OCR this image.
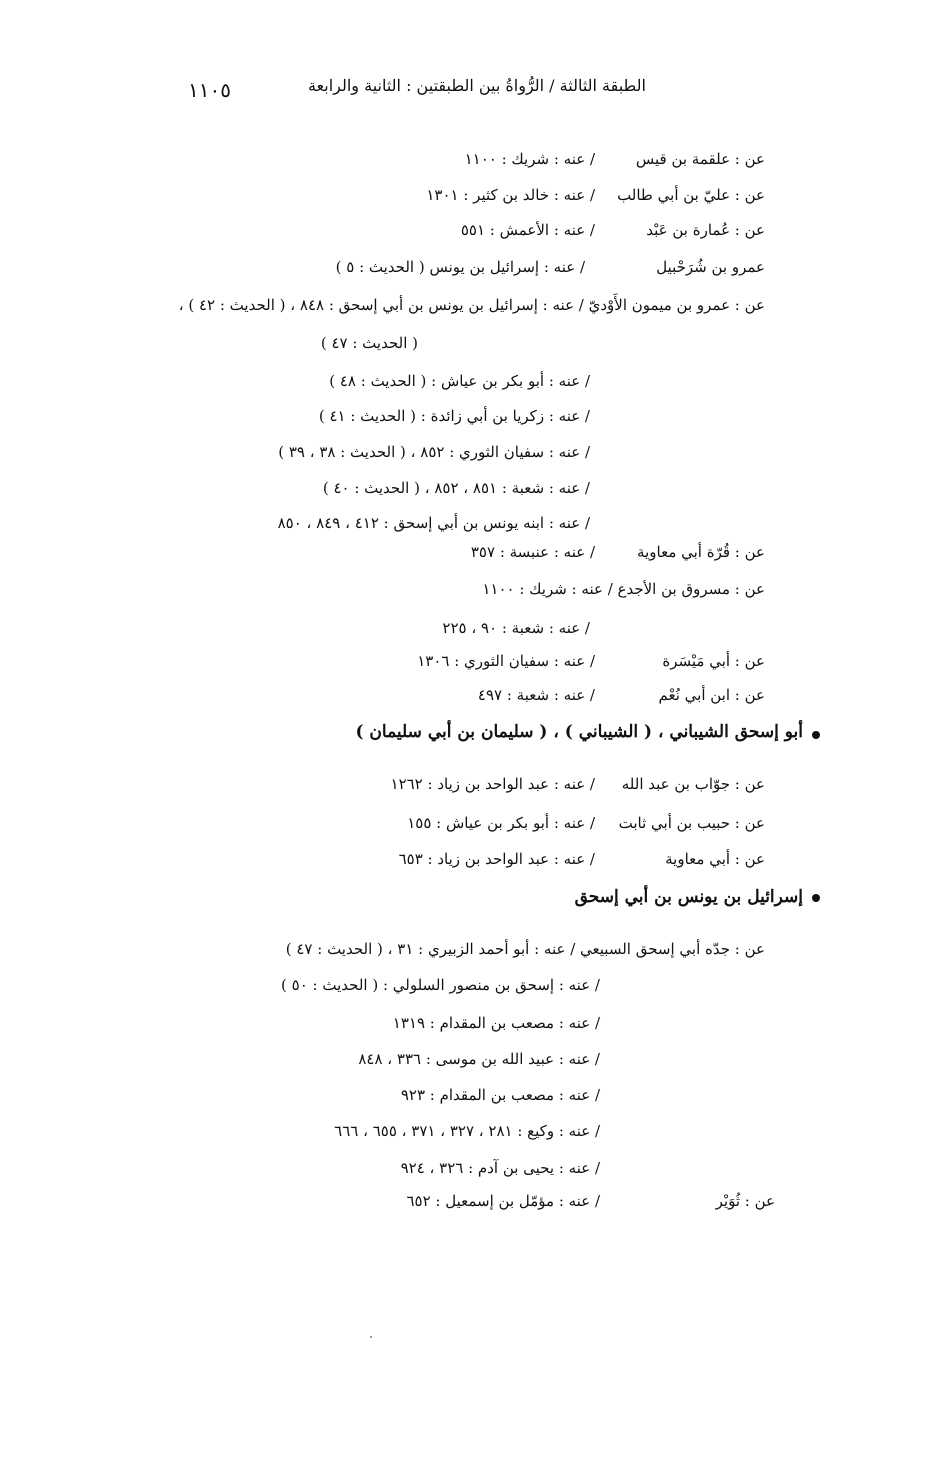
الطبقة الثالثة / الرُّواةُ بين الطبقتين : الثانية والرابعة
١١٠٥
عن : علقمة بن قيس
/ عنه : شريك : ١١٠٠
عن : عليّ بن أبي طالب
/ عنه : خالد بن كثير : ١٣٠١
عن : عُمارة بن عَبْد
/ عنه : الأعمش : ٥٥١
عمرو بن شُرَحْبيل
/ عنه : إسرائيل بن يونس ( الحديث : ٥ )
عن : عمرو بن ميمون الأَوْديّ / عنه : إسرائيل بن يونس بن أبي إسحق : ٨٤٨ ، ( الحديث : ٤٢ ) ،
( الحديث : ٤٧ )
/ عنه : أبو بكر بن عياش : ( الحديث : ٤٨ )
/ عنه : زكريا بن أبي زائدة : ( الحديث : ٤١ )
/ عنه : سفيان الثوري : ٨٥٢ ، ( الحديث : ٣٨ ، ٣٩ )
/ عنه : شعبة : ٨٥١ ، ٨٥٢ ، ( الحديث : ٤٠ )
/ عنه : ابنه يونس بن أبي إسحق : ٤١٢ ، ٨٤٩ ، ٨٥٠
عن : قُرّة أبي معاوية
/ عنه : عنبسة : ٣٥٧
عن : مسروق بن الأجدع / عنه : شريك : ١١٠٠
/ عنه : شعبة : ٩٠ ، ٢٢٥
عن : أبي مَيْسَرة
/ عنه : سفيان الثوري : ١٣٠٦
عن : ابن أبي نُعْم
/ عنه : شعبة : ٤٩٧
أبو إسحق الشيباني ، ( الشيباني ) ، ( سليمان بن أبي سليمان )
عن : جوّاب بن عبد الله
/ عنه : عبد الواحد بن زياد : ١٢٦٢
عن : حبيب بن أبي ثابت
/ عنه : أبو بكر بن عياش : ١٥٥
عن : أبي معاوية
/ عنه : عبد الواحد بن زياد : ٦٥٣
إسرائيل بن يونس بن أبي إسحق
عن : جدّه أبي إسحق السبيعي / عنه : أبو أحمد الزبيري : ٣١ ، ( الحديث : ٤٧ )
/ عنه : إسحق بن منصور السلولي : ( الحديث : ٥٠ )
/ عنه : مصعب بن المقدام : ١٣١٩
/ عنه : عبيد الله بن موسى : ٣٣٦ ، ٨٤٨
/ عنه : مصعب بن المقدام : ٩٢٣
/ عنه : وكيع : ٢٨١ ، ٣٢٧ ، ٣٧١ ، ٦٥٥ ، ٦٦٦
/ عنه : يحيى بن آدم : ٣٢٦ ، ٩٢٤
عن : ثُوَيْر
/ عنه : مؤمّل بن إسمعيل : ٦٥٢
